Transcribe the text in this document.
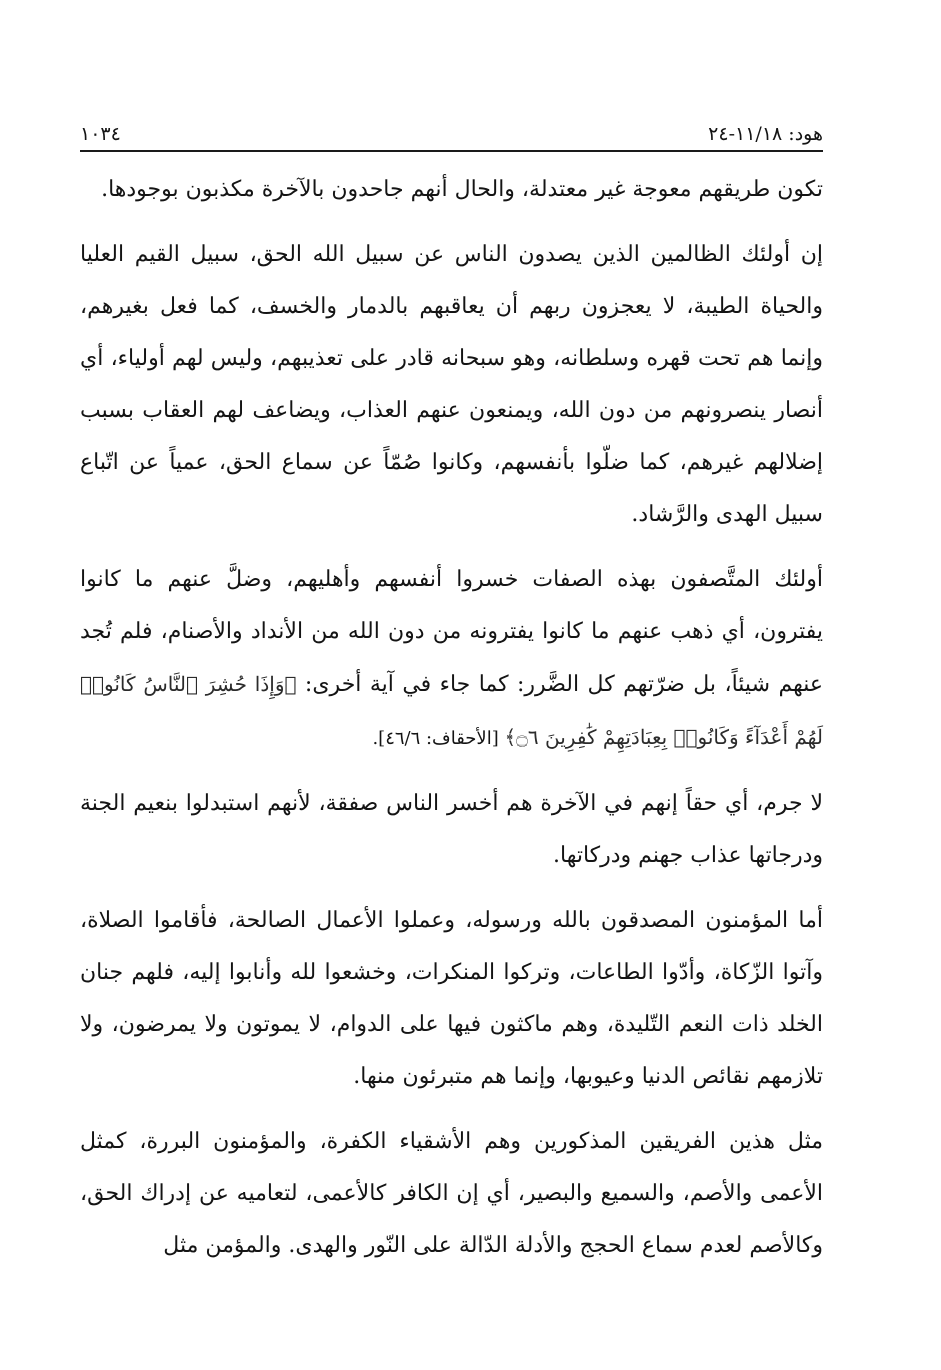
هود: ١١/١٨-٢٤
١٠٣٤

تكون طريقهم معوجة غير معتدلة، والحال أنهم جاحدون بالآخرة مكذبون بوجودها.

إن أولئك الظالمين الذين يصدون الناس عن سبيل الله الحق، سبيل القيم العليا والحياة الطيبة، لا يعجزون ربهم أن يعاقبهم بالدمار والخسف، كما فعل بغيرهم، وإنما هم تحت قهره وسلطانه، وهو سبحانه قادر على تعذيبهم، وليس لهم أولياء، أي أنصار ينصرونهم من دون الله، ويمنعون عنهم العذاب، ويضاعف لهم العقاب بسبب إضلالهم غيرهم، كما ضلّوا بأنفسهم، وكانوا صُمّاً عن سماع الحق، عمياً عن اتّباع سبيل الهدى والرَّشاد.

أولئك المتَّصفون بهذه الصفات خسروا أنفسهم وأهليهم، وضلَّ عنهم ما كانوا يفترون، أي ذهب عنهم ما كانوا يفترونه من دون الله من الأنداد والأصنام، فلم تُجد عنهم شيئاً، بل ضرّتهم كل الضَّرر: كما جاء في آية أخرى: ﴿وَإِذَا حُشِرَ ٱلنَّاسُ كَانُوا۟ لَهُمْ أَعْدَآءً وَكَانُوا۟ بِعِبَادَتِهِمْ كَٰفِرِينَ ۝٦﴾ [الأحقاف: ٤٦/٦].

لا جرم، أي حقاً إنهم في الآخرة هم أخسر الناس صفقة، لأنهم استبدلوا بنعيم الجنة ودرجاتها عذاب جهنم ودركاتها.

أما المؤمنون المصدقون بالله ورسوله، وعملوا الأعمال الصالحة، فأقاموا الصلاة، وآتوا الزّكاة، وأدّوا الطاعات، وتركوا المنكرات، وخشعوا لله وأنابوا إليه، فلهم جنان الخلد ذات النعم التّليدة، وهم ماكثون فيها على الدوام، لا يموتون ولا يمرضون، ولا تلازمهم نقائص الدنيا وعيوبها، وإنما هم متبرئون منها.

مثل هذين الفريقين المذكورين وهم الأشقياء الكفرة، والمؤمنون البررة، كمثل الأعمى والأصم، والسميع والبصير، أي إن الكافر كالأعمى، لتعاميه عن إدراك الحق، وكالأصم لعدم سماع الحجج والأدلة الدّالة على النّور والهدى. والمؤمن مثل
